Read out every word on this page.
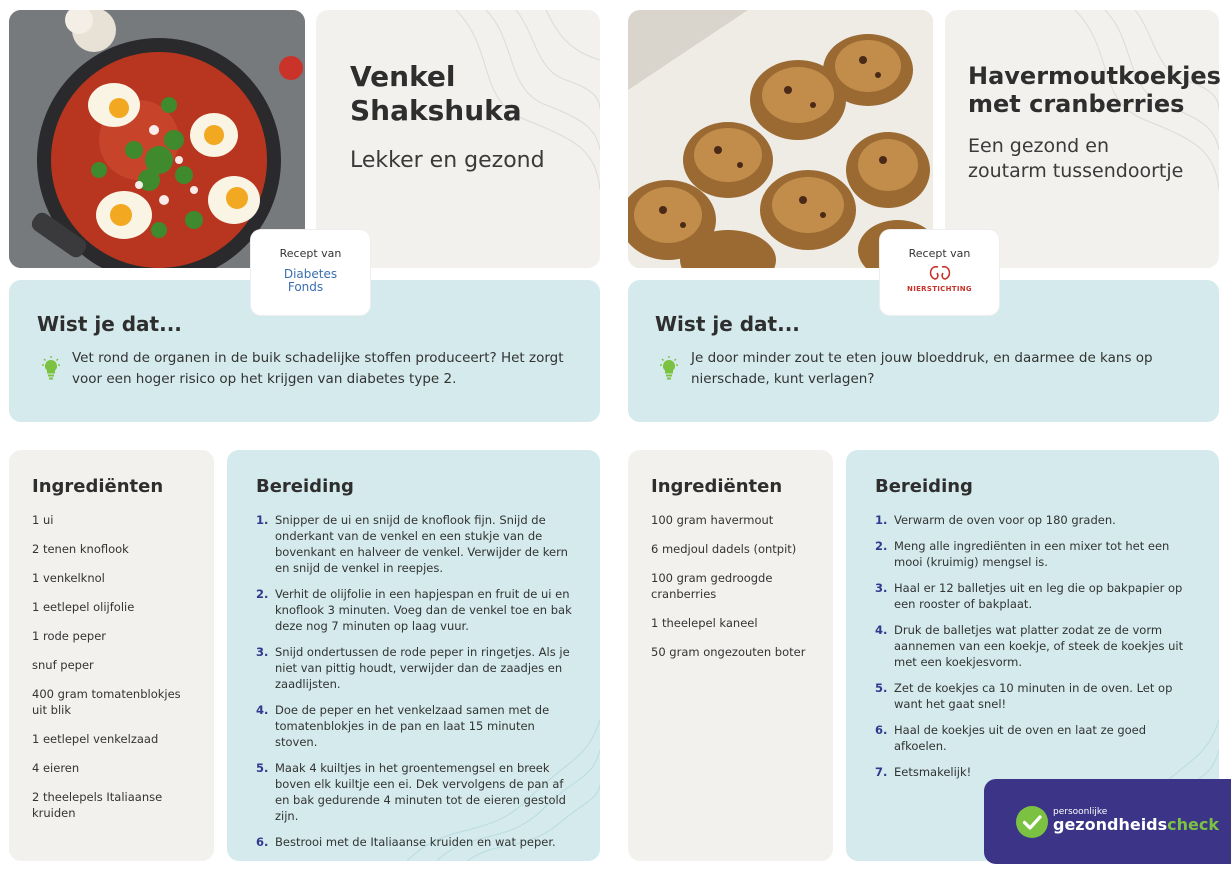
Venkel
Shakshuka
Lekker en gezond
Wist je dat...
Vet rond de organen in de buik schadelijke stoffen produceert? Het zorgt voor een hoger risico op het krijgen van diabetes type 2.
Recept van
Diabetes
Fonds
Ingrediënten
1 ui
2 tenen knoflook
1 venkelknol
1 eetlepel olijfolie
1 rode peper
snuf peper
400 gram tomatenblokjes uit blik
1 eetlepel venkelzaad
4 eieren
2 theelepels Italiaanse kruiden
Bereiding
1. Snipper de ui en snijd de knoflook fijn. Snijd de onderkant van de venkel en een stukje van de bovenkant en halveer de venkel. Verwijder de kern en snijd de venkel in reepjes.
2. Verhit de olijfolie in een hapjespan en fruit de ui en knoflook 3 minuten. Voeg dan de venkel toe en bak deze nog 7 minuten op laag vuur.
3. Snijd ondertussen de rode peper in ringetjes. Als je niet van pittig houdt, verwijder dan de zaadjes en zaadlijsten.
4. Doe de peper en het venkelzaad samen met de tomatenblokjes in de pan en laat 15 minuten stoven.
5. Maak 4 kuiltjes in het groentemengsel en breek boven elk kuiltje een ei. Dek vervolgens de pan af en bak gedurende 4 minuten tot de eieren gestold zijn.
6. Bestrooi met de Italiaanse kruiden en wat peper.
Havermoutkoekjes
met cranberries
Een gezond en
zoutarm tussendoortje
Wist je dat...
Je door minder zout te eten jouw bloeddruk, en daarmee de kans op nierschade, kunt verlagen?
Recept van
NIERSTICHTING
Ingrediënten
100 gram havermout
6 medjoul dadels (ontpit)
100 gram gedroogde cranberries
1 theelepel kaneel
50 gram ongezouten boter
Bereiding
1. Verwarm de oven voor op 180 graden.
2. Meng alle ingrediënten in een mixer tot het een mooi (kruimig) mengsel is.
3. Haal er 12 balletjes uit en leg die op bakpapier op een rooster of bakplaat.
4. Druk de balletjes wat platter zodat ze de vorm aannemen van een koekje, of steek de koekjes uit met een koekjesvorm.
5. Zet de koekjes ca 10 minuten in de oven. Let op want het gaat snel!
6. Haal de koekjes uit de oven en laat ze goed afkoelen.
7. Eetsmakelijk!
persoonlijke
gezondheidscheck
